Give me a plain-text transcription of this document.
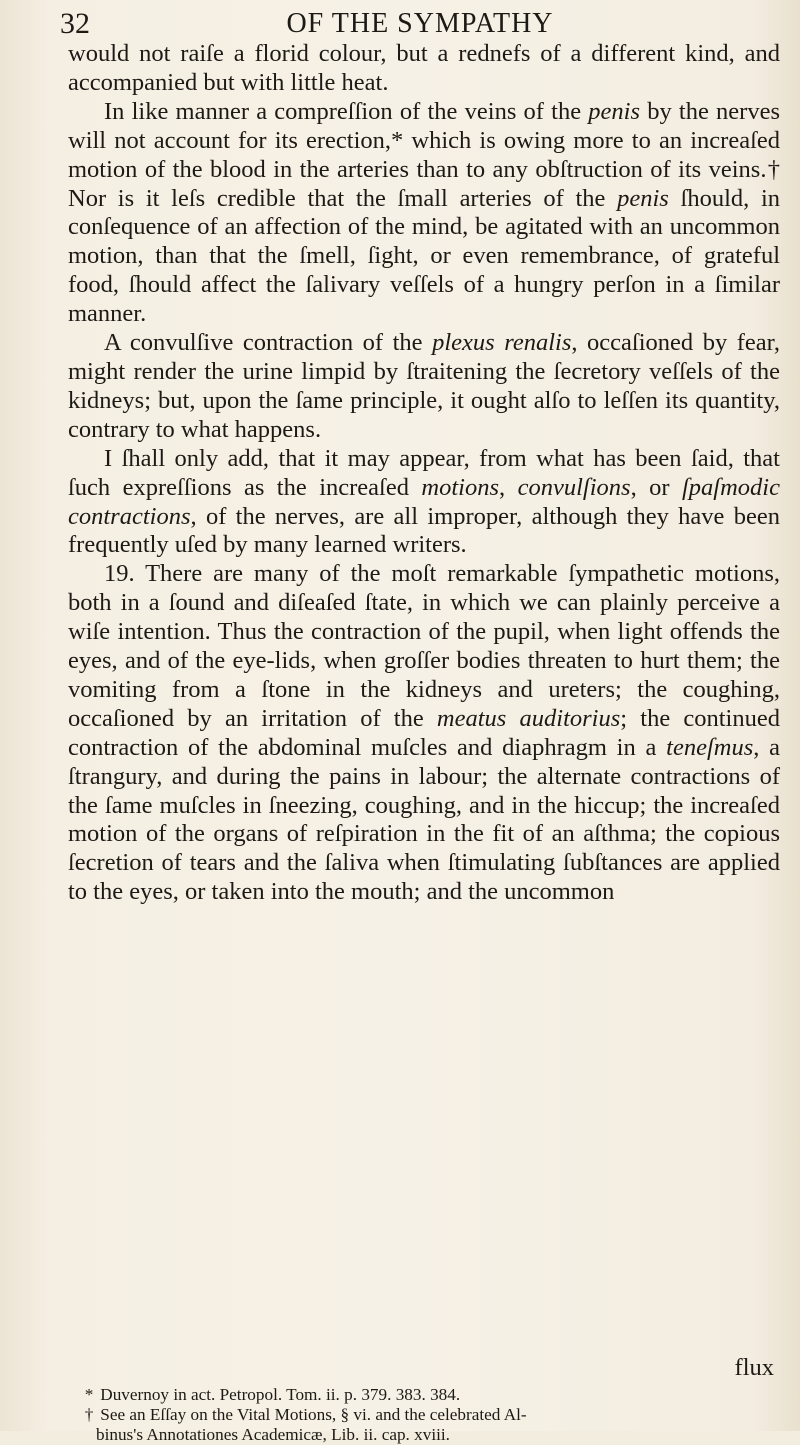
32	OF THE SYMPATHY

would not raiſe a florid colour, but a rednefs of a different kind, and accompanied but with little heat.

In like manner a compreſſion of the veins of the penis by the nerves will not account for its erection,* which is owing more to an increaſed motion of the blood in the arteries than to any obſtruction of its veins.† Nor is it leſs credible that the ſmall arteries of the penis ſhould, in conſequence of an affection of the mind, be agitated with an uncommon motion, than that the ſmell, ſight, or even remembrance, of grateful food, ſhould affect the ſalivary veſſels of a hungry perſon in a ſimilar manner.

A convulſive contraction of the plexus renalis, occaſioned by fear, might render the urine limpid by ſtraitening the ſecretory veſſels of the kidneys; but, upon the ſame principle, it ought alſo to leſſen its quantity, contrary to what happens.

I ſhall only add, that it may appear, from what has been ſaid, that ſuch expreſſions as the increaſed motions, convulſions, or ſpaſmodic contractions, of the nerves, are all improper, although they have been frequently uſed by many learned writers.

19. There are many of the moſt remarkable ſympathetic motions, both in a ſound and diſeaſed ſtate, in which we can plainly perceive a wiſe intention. Thus the contraction of the pupil, when light offends the eyes, and of the eye-lids, when groſſer bodies threaten to hurt them; the vomiting from a ſtone in the kidneys and ureters; the coughing, occaſioned by an irritation of the meatus auditorius; the continued contraction of the abdominal muſcles and diaphragm in a teneſmus, a ſtrangury, and during the pains in labour; the alternate contractions of the ſame muſcles in ſneezing, coughing, and in the hiccup; the increaſed motion of the organs of reſpiration in the fit of an aſthma; the copious ſecretion of tears and the ſaliva when ſtimulating ſubſtances are applied to the eyes, or taken into the mouth; and the uncommon

flux

* Duvernoy in act. Petropol. Tom. ii. p. 379. 383. 384.

† See an Eſſay on the Vital Motions, § vi. and the celebrated Al-

binus's Annotationes Academicæ, Lib. ii. cap. xviii.
